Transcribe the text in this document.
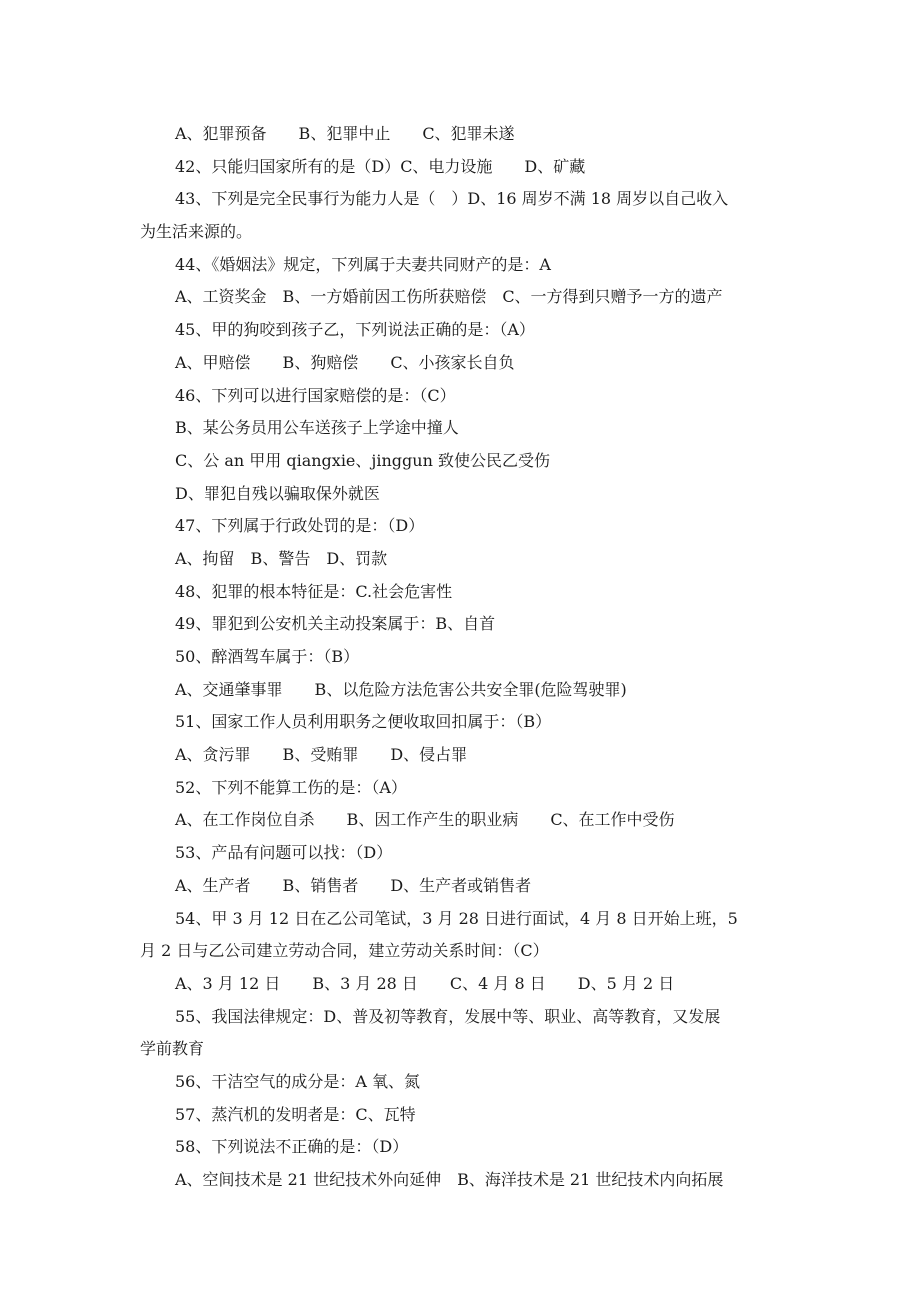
A、犯罪预备　　B、犯罪中止　　C、犯罪未遂
42、只能归国家所有的是（D）C、电力设施　　D、矿藏
43、下列是完全民事行为能力人是（　）D、16 周岁不满 18 周岁以自己收入
为生活来源的。
44、《婚姻法》规定，下列属于夫妻共同财产的是：A
A、工资奖金　B、一方婚前因工伤所获赔偿　C、一方得到只赠予一方的遗产
45、甲的狗咬到孩子乙，下列说法正确的是：（A）
A、甲赔偿　　B、狗赔偿　　C、小孩家长自负
46、下列可以进行国家赔偿的是：（C）
B、某公务员用公车送孩子上学途中撞人
C、公 an 甲用 qiangxie、jinggun 致使公民乙受伤
D、罪犯自残以骗取保外就医
47、下列属于行政处罚的是：（D）
A、拘留　B、警告　D、罚款
48、犯罪的根本特征是：C.社会危害性
49、罪犯到公安机关主动投案属于：B、自首
50、醉酒驾车属于：（B）
A、交通肇事罪　　B、以危险方法危害公共安全罪(危险驾驶罪)
51、国家工作人员利用职务之便收取回扣属于：（B）
A、贪污罪　　B、受贿罪　　D、侵占罪
52、下列不能算工伤的是：（A）
A、在工作岗位自杀　　B、因工作产生的职业病　　C、在工作中受伤
53、产品有问题可以找：（D）
A、生产者　　B、销售者　　D、生产者或销售者
54、甲 3 月 12 日在乙公司笔试，3 月 28 日进行面试，4 月 8 日开始上班，5
月 2 日与乙公司建立劳动合同，建立劳动关系时间：（C）
A、3 月 12 日　　B、3 月 28 日　　C、4 月 8 日　　D、5 月 2 日
55、我国法律规定：D、普及初等教育，发展中等、职业、高等教育，又发展
学前教育
56、干洁空气的成分是：A 氧、氮
57、蒸汽机的发明者是：C、瓦特
58、下列说法不正确的是：（D）
A、空间技术是 21 世纪技术外向延伸　B、海洋技术是 21 世纪技术内向拓展
